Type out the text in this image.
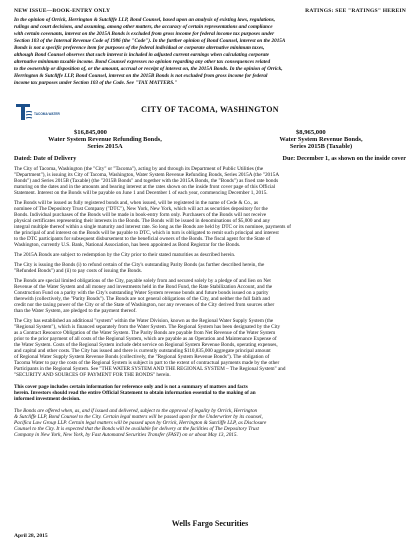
NEW ISSUE—BOOK-ENTRY ONLY	RATINGS: SEE "RATINGS" HEREIN
In the opinion of Orrick, Herrington & Sutcliffe LLP, Bond Counsel, based upon an analysis of existing laws, regulations,
rulings and court decisions, and assuming, among other matters, the accuracy of certain representations and compliance
with certain covenants, interest on the 2015A Bonds is excluded from gross income for federal income tax purposes under
Section 103 of the Internal Revenue Code of 1986 (the "Code"). In the further opinion of Bond Counsel, interest on the 2015A
Bonds is not a specific preference item for purposes of the federal individual or corporate alternative minimum taxes,
although Bond Counsel observes that such interest is included in adjusted current earnings when calculating corporate
alternative minimum taxable income. Bond Counsel expresses no opinion regarding any other tax consequences related
to the ownership or disposition of, or the amount, accrual or receipt of interest on, the 2015A Bonds. In the opinion of Orrick,
Herrington & Sutcliffe LLP, Bond Counsel, interest on the 2015B Bonds is not excluded from gross income for federal
income tax purposes under Section 103 of the Code. See "TAX MATTERS."
TACOMA WATER	CITY OF TACOMA, WASHINGTON
$16,845,000	$8,965,000
Water System Revenue Refunding Bonds,
Series 2015A
Water System Revenue Bonds,
Series 2015B (Taxable)
Dated: Date of Delivery	Due: December 1, as shown on the inside cover
The City of Tacoma, Washington (the "City" or "Tacoma"), acting by and through its Department of Public Utilities (the
"Department"), is issuing its City of Tacoma, Washington, Water System Revenue Refunding Bonds, Series 2015A (the "2015A
Bonds") and Series 2015B (Taxable) (the "2015B Bonds" and together with the 2015A Bonds, the "Bonds") as fixed rate bonds
maturing on the dates and in the amounts and bearing interest at the rates shown on the inside front cover page of this Official
Statement. Interest on the Bonds will be payable on June 1 and December 1 of each year, commencing December 1, 2015.
The Bonds will be issued as fully registered bonds and, when issued, will be registered in the name of Cede & Co., as
nominee of The Depository Trust Company ("DTC"), New York, New York, which will act as securities depository for the
Bonds. Individual purchases of the Bonds will be made in book-entry form only. Purchasers of the Bonds will not receive
physical certificates representing their interests in the Bonds. The Bonds will be issued in denominations of $5,000 and any
integral multiple thereof within a single maturity and interest rate. So long as the Bonds are held by DTC or its nominee, payments of
the principal of and interest on the Bonds will be payable to DTC, which in turn is obligated to remit such principal and interest
to the DTC participants for subsequent disbursement to the beneficial owners of the Bonds. The fiscal agent for the State of
Washington, currently U.S. Bank, National Association, has been appointed as Bond Registrar for the Bonds.
The 2015A Bonds are subject to redemption by the City prior to their stated maturities as described herein.
The City is issuing the Bonds (i) to refund certain of the City's outstanding Parity Bonds (as further described herein, the
"Refunded Bonds") and (ii) to pay costs of issuing the Bonds.
The Bonds are special limited obligations of the City, payable solely from and secured solely by a pledge of and lien on Net
Revenue of the Water System and all money and investments held in the Bond Fund, the Rate Stabilization Account, and the
Construction Fund on a parity with the City's outstanding Water System revenue bonds and future bonds issued on a parity
therewith (collectively, the "Parity Bonds"). The Bonds are not general obligations of the City, and neither the full faith and
credit nor the taxing power of the City or of the State of Washington, nor any revenues of the City derived from sources other
than the Water System, are pledged to the payment thereof.
The City has established an additional "system" within the Water Division, known as the Regional Water Supply System (the
"Regional System"), which is financed separately from the Water System. The Regional System has been designated by the City
as a Contract Resource Obligation of the Water System. The Parity Bonds are payable from Net Revenue of the Water System
prior to the prior payment of all costs of the Regional System, which are payable as an Operation and Maintenance Expense of
the Water System. Costs of the Regional System include debt service on Regional System Revenue Bonds, operating expenses,
and capital and other costs. The City has issued and there is currently outstanding $110,835,000 aggregate principal amount
of Regional Water Supply System Revenue Bonds (collectively, the "Regional System Revenue Bonds"). The obligation of
Tacoma Water to pay the costs of the Regional System is subject in part to the extent of contractual payments made by the other
Participants in the Regional System. See "THE WATER SYSTEM AND THE REGIONAL SYSTEM – The Regional System" and
"SECURITY AND SOURCES OF PAYMENT FOR THE BONDS" herein.
This cover page includes certain information for reference only and is not a summary of matters and facts
herein. Investors should read the entire Official Statement to obtain information essential to the making of an
informed investment decision.
The Bonds are offered when, as, and if issued and delivered, subject to the approval of legality by Orrick, Herrington
& Sutcliffe LLP, Bond Counsel to the City. Certain legal matters will be passed upon for the Underwriter by its counsel,
Pacifica Law Group LLP. Certain legal matters will be passed upon by Orrick, Herrington & Sutcliffe LLP, as Disclosure
Counsel to the City. It is expected that the Bonds will be available for delivery at the facilities of The Depository Trust
Company in New York, New York, by Fast Automated Securities Transfer (FAST) on or about May 13, 2015.
Wells Fargo Securities
April 28, 2015
